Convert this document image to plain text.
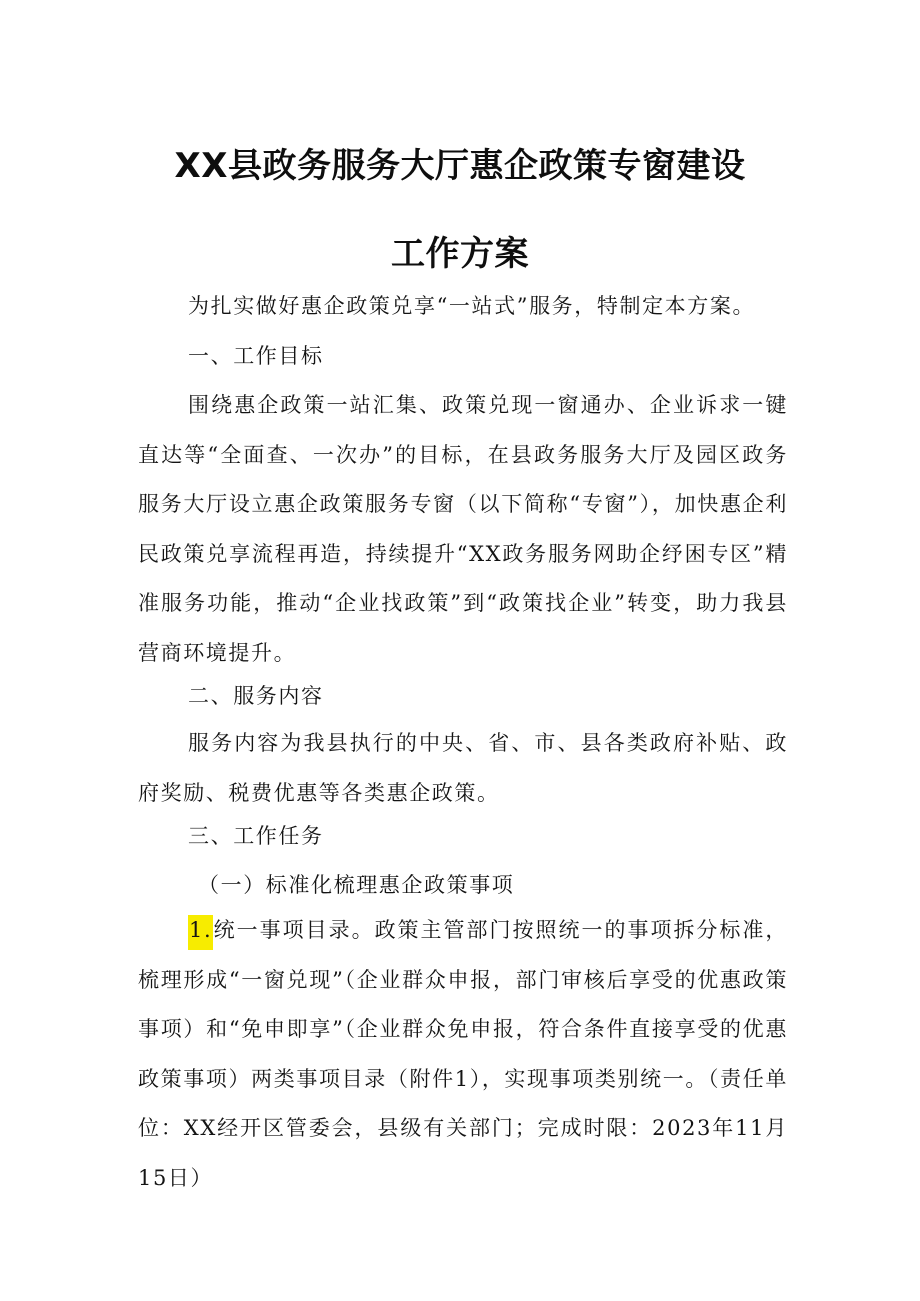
XX县政务服务大厅惠企政策专窗建设
工作方案
为扎实做好惠企政策兑享“一站式”服务，特制定本方案。
一、工作目标
围绕惠企政策一站汇集、政策兑现一窗通办、企业诉求一键直达等“全面查、一次办”的目标，在县政务服务大厅及园区政务服务大厅设立惠企政策服务专窗（以下简称“专窗”），加快惠企利民政策兑享流程再造，持续提升“XX政务服务网助企纾困专区”精准服务功能，推动“企业找政策”到“政策找企业”转变，助力我县营商环境提升。
二、服务内容
服务内容为我县执行的中央、省、市、县各类政府补贴、政府奖励、税费优惠等各类惠企政策。
三、工作任务
（一）标准化梳理惠企政策事项
1.统一事项目录。政策主管部门按照统一的事项拆分标准，梳理形成“一窗兑现”（企业群众申报，部门审核后享受的优惠政策事项）和“免申即享”（企业群众免申报，符合条件直接享受的优惠政策事项）两类事项目录（附件1），实现事项类别统一。（责任单位：XX经开区管委会，县级有关部门；完成时限：2023年11月15日）
